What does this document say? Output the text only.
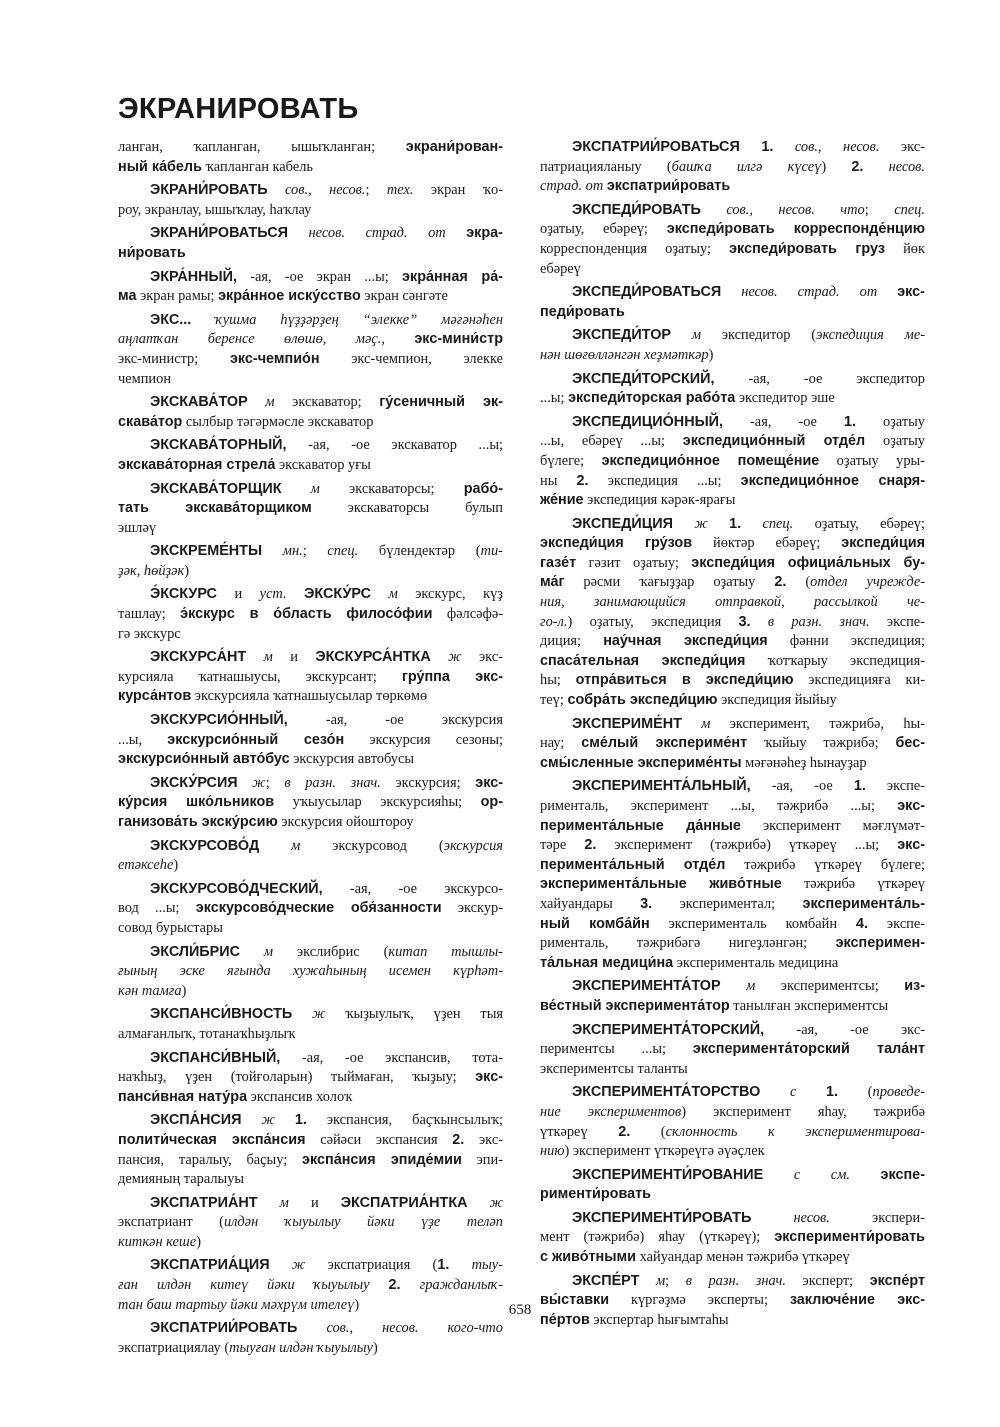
ЭКРАНИРОВАТЬ
ланган, ҡапланган, ышыҡланган; экрани́рован-
ный ка́бель ҡапланган кабель
ЭКРАНИ́РОВАТЬ сов., несов.; тех. экран ҡо-
роу, экранлау, ышыҡлау, һаҡлау
ЭКРАНИ́РОВАТЬСЯ несов. страд. от экра-
ни́ровать
ЭКРА́ННЫЙ, -ая, -ое экран ...ы; экра́нная ра́-
ма экран рамы; экра́нное иску́сство экран сәнгәте
ЭКС... ҡушма һүҙҙәрҙең “элекке” мәғәнәһен
аңлатҡан беренсе өлөшө, мәҫ., экс-мини́стр
экс-министр; экс-чемпио́н экс-чемпион, элекке
чемпион
ЭКСКАВА́ТОР м экскаватор; гу́сеничный эк-
скава́тор сылбыр тәгәрмәсле экскаватор
ЭКСКАВА́ТОРНЫЙ, -ая, -ое экскаватор ...ы;
экскава́торная стрела́ экскаватор уғы
ЭКСКАВА́ТОРЩИК м экскаваторсы; рабо́-
тать экскава́торщиком экскаваторсы булып
эшләү
ЭКСКРЕМЕ́НТЫ мн.; спец. бүлендектәр (ти-
ҙәк, һөйҙәк)
Э́КСКУРС и уст. ЭКСКУ́РС м экскурс, күҙ
ташлау; э́кскурс в о́бласть филосо́фии фәлсәфә-
гә экскурс
ЭКСКУРСА́НТ м и ЭКСКУРСА́НТКА ж экс-
курсияла ҡатнашыусы, экскурсант; гру́ппа экс-
курса́нтов экскурсияла ҡатнашыусылар төркөмө
ЭКСКУРСИО́ННЫЙ, -ая, -ое экскурсия
...ы, экскурсио́нный сезо́н экскурсия сезоны;
экскурсио́нный авто́бус экскурсия автобусы
ЭКСКУ́РСИЯ ж; в разн. знач. экскурсия; экс-
ку́рсия шко́льников уҡыусылар экскурсияһы; ор-
ганизова́ть экску́рсию экскурсия ойоштороу
ЭКСКУРСОВО́Д м экскурсовод (экскурсия
етәксеһе)
ЭКСКУРСОВО́ДЧЕСКИЙ, -ая, -ое экскурсо-
вод ...ы; экскурсово́дческие обя́занности экскур-
совод бурыстары
ЭКСЛИ́БРИС м экслибрис (китап тышлы-
ғының эске яғында хужаһының исемен күрһәт-
кән тамға)
ЭКСПАНСИ́ВНОСТЬ ж ҡыҙыулыҡ, үҙен тыя
алмағанлыҡ, тотанаҡһыҙлыҡ
ЭКСПАНСИ́ВНЫЙ, -ая, -ое экспансив, тота-
наҡһыҙ, үҙен (тойғоларын) тыймаған, ҡыҙыу; экс-
панси́вная нату́ра экспансив холоҡ
ЭКСПА́НСИЯ ж 1. экспансия, баҫҡынсылыҡ;
полити́ческая экспа́нсия сәйәси экспансия 2. экс-
пансия, таралыу, баҫыу; экспа́нсия эпиде́мии эпи-
демияның таралыуы
ЭКСПАТРИА́НТ м и ЭКСПАТРИА́НТКА ж
экспатриант (илдән ҡыуылыу йәки үҙе теләп
киткән кеше)
ЭКСПАТРИА́ЦИЯ ж экспатриация (1. тыу-
ған илдән китеү йәки ҡыуылыу 2. гражданлыҡ-
тан баш тартыу йәки мәхрүм ителеү)
ЭКСПАТРИИ́РОВАТЬ сов., несов. кого-что
экспатриациялау (тыуған илдән ҡыуылыу)
ЭКСПАТРИИ́РОВАТЬСЯ 1. сов., несов. экс-
патриацияланыу (башҡа илгә күсеү) 2. несов.
страд. от экспатрии́ровать
ЭКСПЕДИ́РОВАТЬ сов., несов. что; спец.
оҙатыу, ебәреү; экспеди́ровать корреспонде́нцию
корреспонденция оҙатыу; экспеди́ровать груз йөк
ебәреү
ЭКСПЕДИ́РОВАТЬСЯ несов. страд. от экс-
педи́ровать
ЭКСПЕДИ́ТОР м экспедитор (экспедиция ме-
нән шөғөлләнгән хеҙмәткәр)
ЭКСПЕДИ́ТОРСКИЙ, -ая, -ое экспедитор
...ы; экспеди́торская рабо́та экспедитор эше
ЭКСПЕДИЦИО́ННЫЙ, -ая, -ое 1. оҙатыу
...ы, ебәреү ...ы; экспедицио́нный отде́л оҙатыу
бүлеге; экспедицио́нное помеще́ние оҙатыу уры-
ны 2. экспедиция ...ы; экспедицио́нное снаря-
же́ние экспедиция кәрәк-ярағы
ЭКСПЕДИ́ЦИЯ ж 1. спец. оҙатыу, ебәреү;
экспеди́ция гру́зов йөктәр ебәреү; экспеди́ция
газе́т гәзит оҙатыу; экспеди́ция официа́льных бу-
ма́г рәсми ҡағыҙҙар оҙатыу 2. (отдел учрежде-
ния, занимающийся отправкой, рассылкой че-
го-л.) оҙатыу, экспедиция 3. в разн. знач. экспе-
диция; нау́чная экспеди́ция фәнни экспедиция;
спаса́тельная экспеди́ция ҡотҡарыу экспедиция-
һы; отпра́виться в экспеди́цию экспедицияға ки-
теү; собра́ть экспеди́цию экспедиция йыйыу
ЭКСПЕРИМЕ́НТ м эксперимент, тәжрибә, һы-
нау; сме́лый экспериме́нт ҡыйыу тәжрибә; бес-
смы́сленные экспериме́нты мәғәнәһеҙ һынауҙар
ЭКСПЕРИМЕНТА́ЛЬНЫЙ, -ая, -ое 1. экспе-
рименталь, эксперимент ...ы, тәжрибә ...ы; экс-
перимента́льные да́нные эксперимент мәғлүмәт-
тәре 2. эксперимент (тәжрибә) үткәреү ...ы; экс-
перимента́льный отде́л тәжрибә үткәреү бүлеге;
эксперимента́льные живо́тные тәжрибә үткәреү
хайуандары 3. экспериментал; эксперимента́ль-
ный комба́йн эксперименталь комбайн 4. экспе-
рименталь, тәжрибәгә нигеҙләнгән; эксперимен-
та́льная медици́на эксперименталь медицина
ЭКСПЕРИМЕНТА́ТОР м экспериментсы; из-
ве́стный эксперимента́тор танылған экспериментсы
ЭКСПЕРИМЕНТА́ТОРСКИЙ, -ая, -ое экс-
периментсы ...ы; эксперимента́торский тала́нт
экспериментсы таланты
ЭКСПЕРИМЕНТА́ТОРСТВО с 1. (проведе-
ние экспериментов) эксперимент яһау, тәжрибә
үткәреү 2. (склонность к экспериментирова-
нию) эксперимент үткәреүгә әүәҫлек
ЭКСПЕРИМЕНТИ́РОВАНИЕ с см. экспе-
рименти́ровать
ЭКСПЕРИМЕНТИ́РОВАТЬ	несов. экспери-
мент (тәжрибә) яһау (үткәреү); эксперименти́ровать
с живо́тными хайуандар менән тәжрибә үткәреү
ЭКСПЕ́РТ м; в разн. знач. эксперт; экспе́рт
вы́ставки күргәҙмә эксперты; заключе́ние экс-
пе́ртов экспертар һығымтаһы
658
